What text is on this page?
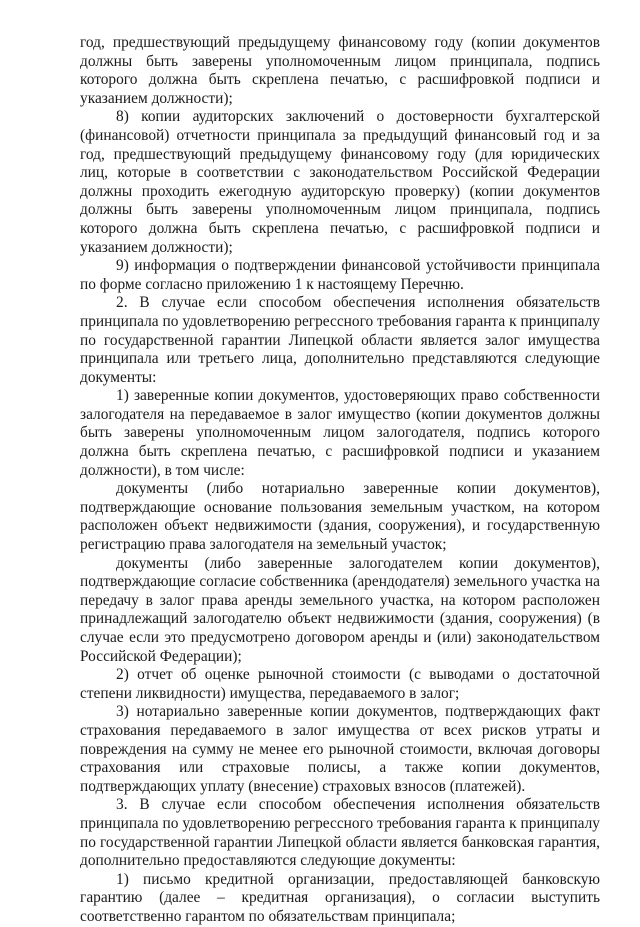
год, предшествующий предыдущему финансовому году (копии документов должны быть заверены уполномоченным лицом принципала, подпись которого должна быть скреплена печатью, с расшифровкой подписи и указанием должности);

8) копии аудиторских заключений о достоверности бухгалтерской (финансовой) отчетности принципала за предыдущий финансовый год и за год, предшествующий предыдущему финансовому году (для юридических лиц, которые в соответствии с законодательством Российской Федерации должны проходить ежегодную аудиторскую проверку) (копии документов должны быть заверены уполномоченным лицом принципала, подпись которого должна быть скреплена печатью, с расшифровкой подписи и указанием должности);

9) информация о подтверждении финансовой устойчивости принципала по форме согласно приложению 1 к настоящему Перечню.

2. В случае если способом обеспечения исполнения обязательств принципала по удовлетворению регрессного требования гаранта к принципалу по государственной гарантии Липецкой области является залог имущества принципала или третьего лица, дополнительно представляются следующие документы:

1) заверенные копии документов, удостоверяющих право собственности залогодателя на передаваемое в залог имущество (копии документов должны быть заверены уполномоченным лицом залогодателя, подпись которого должна быть скреплена печатью, с расшифровкой подписи и указанием должности), в том числе:

документы (либо нотариально заверенные копии документов), подтверждающие основание пользования земельным участком, на котором расположен объект недвижимости (здания, сооружения), и государственную регистрацию права залогодателя на земельный участок;

документы (либо заверенные залогодателем копии документов), подтверждающие согласие собственника (арендодателя) земельного участка на передачу в залог права аренды земельного участка, на котором расположен принадлежащий залогодателю объект недвижимости (здания, сооружения) (в случае если это предусмотрено договором аренды и (или) законодательством Российской Федерации);

2) отчет об оценке рыночной стоимости (с выводами о достаточной степени ликвидности) имущества, передаваемого в залог;

3) нотариально заверенные копии документов, подтверждающих факт страхования передаваемого в залог имущества от всех рисков утраты и повреждения на сумму не менее его рыночной стоимости, включая договоры страхования или страховые полисы, а также копии документов, подтверждающих уплату (внесение) страховых взносов (платежей).

3. В случае если способом обеспечения исполнения обязательств принципала по удовлетворению регрессного требования гаранта к принципалу по государственной гарантии Липецкой области является банковская гарантия, дополнительно предоставляются следующие документы:

1) письмо кредитной организации, предоставляющей банковскую гарантию (далее – кредитная организация), о согласии выступить соответственно гарантом по обязательствам принципала;
